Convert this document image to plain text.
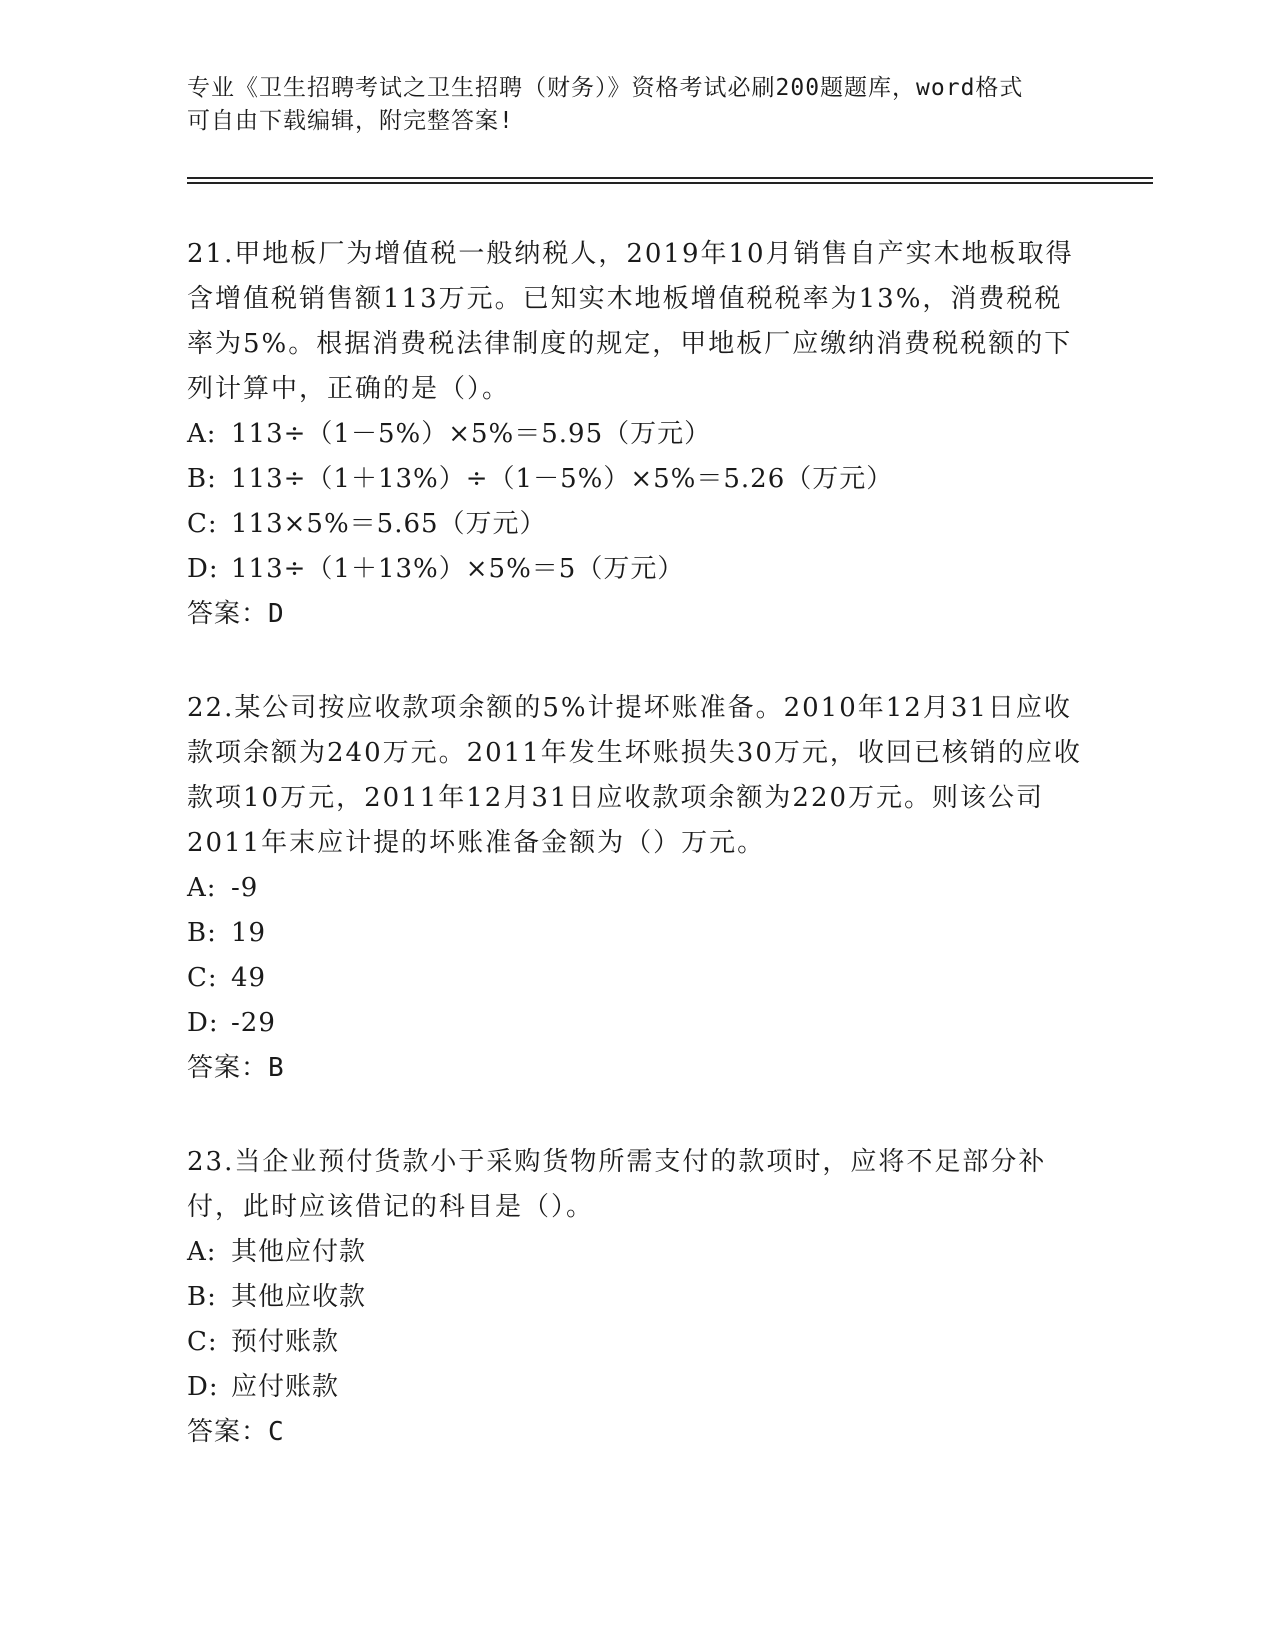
专业《卫生招聘考试之卫生招聘（财务）》资格考试必刷200题题库，word格式
可自由下载编辑，附完整答案!

21.甲地板厂为增值税一般纳税人，2019年10月销售自产实木地板取得含增值税销售额113万元。已知实木地板增值税税率为13%，消费税税率为5%。根据消费税法律制度的规定，甲地板厂应缴纳消费税税额的下列计算中，正确的是（）。

A: 113÷（1－5%）×5%＝5.95（万元）

B: 113÷（1＋13%）÷（1－5%）×5%＝5.26（万元）

C: 113×5%＝5.65（万元）

D: 113÷（1＋13%）×5%＝5（万元）

答案：D

22.某公司按应收款项余额的5%计提坏账准备。2010年12月31日应收款项余额为240万元。2011年发生坏账损失30万元，收回已核销的应收款项10万元，2011年12月31日应收款项余额为220万元。则该公司2011年末应计提的坏账准备金额为（）万元。

A: -9

B: 19

C: 49

D: -29

答案：B

23.当企业预付货款小于采购货物所需支付的款项时，应将不足部分补付，此时应该借记的科目是（）。

A: 其他应付款

B: 其他应收款

C: 预付账款

D: 应付账款

答案：C
